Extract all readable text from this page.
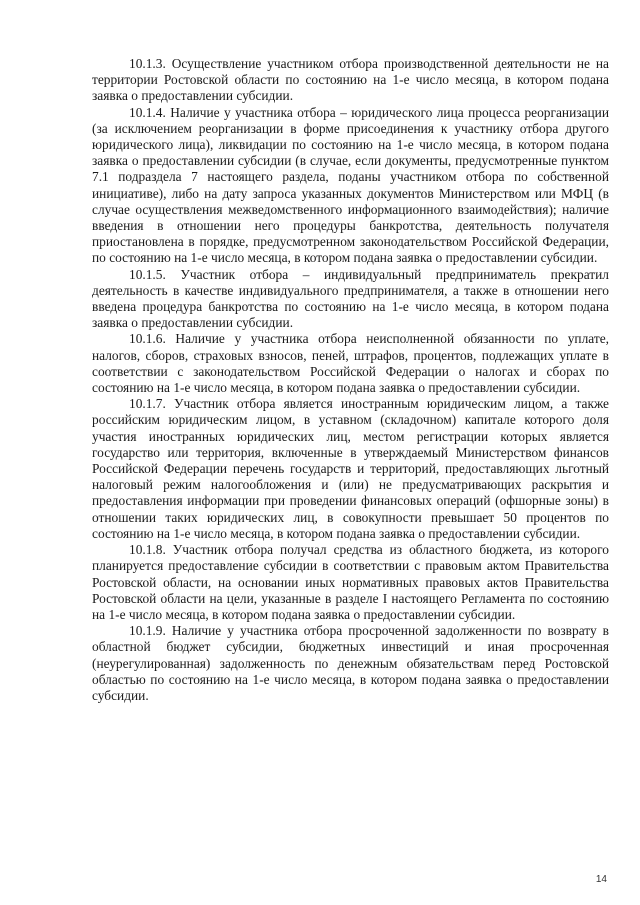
10.1.3. Осуществление участником отбора производственной деятельности не на территории Ростовской области по состоянию на 1-е число месяца, в котором подана заявка о предоставлении субсидии.

10.1.4. Наличие у участника отбора – юридического лица процесса реорганизации (за исключением реорганизации в форме присоединения к участнику отбора другого юридического лица), ликвидации по состоянию на 1-е число месяца, в котором подана заявка о предоставлении субсидии (в случае, если документы, предусмотренные пунктом 7.1 подраздела 7 настоящего раздела, поданы участником отбора по собственной инициативе), либо на дату запроса указанных документов Министерством или МФЦ (в случае осуществления межведомственного информационного взаимодействия); наличие введения в отношении него процедуры банкротства, деятельность получателя приостановлена в порядке, предусмотренном законодательством Российской Федерации, по состоянию на 1-е число месяца, в котором подана заявка о предоставлении субсидии.

10.1.5. Участник отбора – индивидуальный предприниматель прекратил деятельность в качестве индивидуального предпринимателя, а также в отношении него введена процедура банкротства по состоянию на 1-е число месяца, в котором подана заявка о предоставлении субсидии.

10.1.6. Наличие у участника отбора неисполненной обязанности по уплате, налогов, сборов, страховых взносов, пеней, штрафов, процентов, подлежащих уплате в соответствии с законодательством Российской Федерации о налогах и сборах по состоянию на 1-е число месяца, в котором подана заявка о предоставлении субсидии.

10.1.7. Участник отбора является иностранным юридическим лицом, а также российским юридическим лицом, в уставном (складочном) капитале которого доля участия иностранных юридических лиц, местом регистрации которых является государство или территория, включенные в утверждаемый Министерством финансов Российской Федерации перечень государств и территорий, предоставляющих льготный налоговый режим налогообложения и (или) не предусматривающих раскрытия и предоставления информации при проведении финансовых операций (офшорные зоны) в отношении таких юридических лиц, в совокупности превышает 50 процентов по состоянию на 1-е число месяца, в котором подана заявка о предоставлении субсидии.

10.1.8. Участник отбора получал средства из областного бюджета, из которого планируется предоставление субсидии в соответствии с правовым актом Правительства Ростовской области, на основании иных нормативных правовых актов Правительства Ростовской области на цели, указанные в разделе I настоящего Регламента по состоянию на 1-е число месяца, в котором подана заявка о предоставлении субсидии.

10.1.9. Наличие у участника отбора просроченной задолженности по возврату в областной бюджет субсидии, бюджетных инвестиций и иная просроченная (неурегулированная) задолженность по денежным обязательствам перед Ростовской областью по состоянию на 1-е число месяца, в котором подана заявка о предоставлении субсидии.

14
